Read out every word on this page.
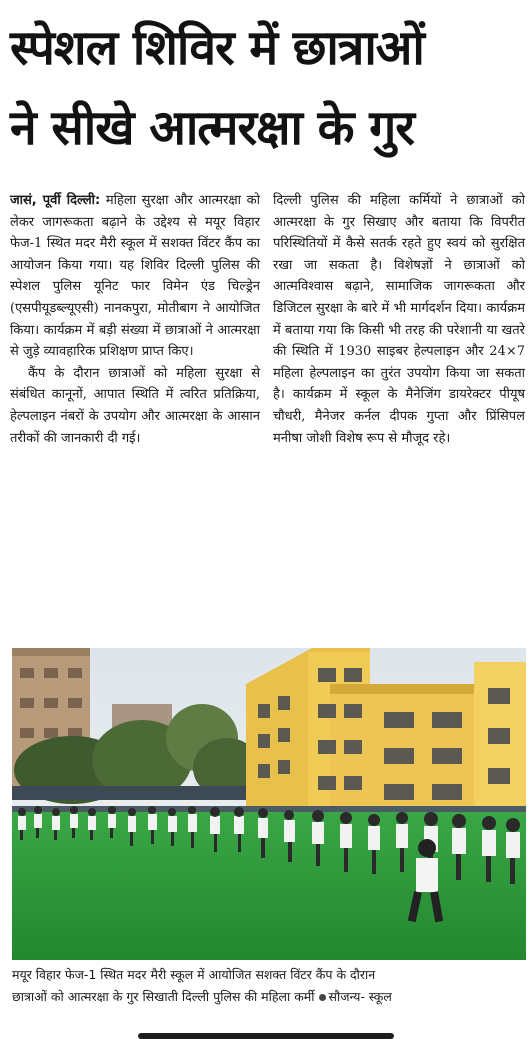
स्पेशल शिविर में छात्राओं
ने सीखे आत्मरक्षा के गुर

जासं, पूर्वी दिल्ली: महिला सुरक्षा और आत्मरक्षा को लेकर जागरूकता बढ़ाने के उद्देश्य से मयूर विहार फेज-1 स्थित मदर मैरी स्कूल में सशक्त विंटर कैंप का आयोजन किया गया। यह शिविर दिल्ली पुलिस की स्पेशल पुलिस यूनिट फार विमेन एंड चिल्ड्रेन (एसपीयूडब्ल्यूएसी) नानकपुरा, मोतीबाग ने आयोजित किया। कार्यक्रम में बड़ी संख्या में छात्राओं ने आत्मरक्षा से जुड़े व्यावहारिक प्रशिक्षण प्राप्त किए।

कैंप के दौरान छात्राओं को महिला सुरक्षा से संबंधित कानूनों, आपात स्थिति में त्वरित प्रतिक्रिया, हेल्पलाइन नंबरों के उपयोग और आत्मरक्षा के आसान तरीकों की जानकारी दी गई।

दिल्ली पुलिस की महिला कर्मियों ने छात्राओं को आत्मरक्षा के गुर सिखाए और बताया कि विपरीत परिस्थितियों में कैसे सतर्क रहते हुए स्वयं को सुरक्षित रखा जा सकता है। विशेषज्ञों ने छात्राओं को आत्मविश्वास बढ़ाने, सामाजिक जागरूकता और डिजिटल सुरक्षा के बारे में भी मार्गदर्शन दिया। कार्यक्रम में बताया गया कि किसी भी तरह की परेशानी या खतरे की स्थिति में 1930 साइबर हेल्पलाइन और 24×7 महिला हेल्पलाइन का तुरंत उपयोग किया जा सकता है। कार्यक्रम में स्कूल के मैनेजिंग डायरेक्टर पीयूष चौधरी, मैनेजर कर्नल दीपक गुप्ता और प्रिंसिपल मनीषा जोशी विशेष रूप से मौजूद रहे।

मयूर विहार फेज-1 स्थित मदर मैरी स्कूल में आयोजित सशक्त विंटर कैंप के दौरान
छात्राओं को आत्मरक्षा के गुर सिखाती दिल्ली पुलिस की महिला कर्मी सौजन्य- स्कूल
